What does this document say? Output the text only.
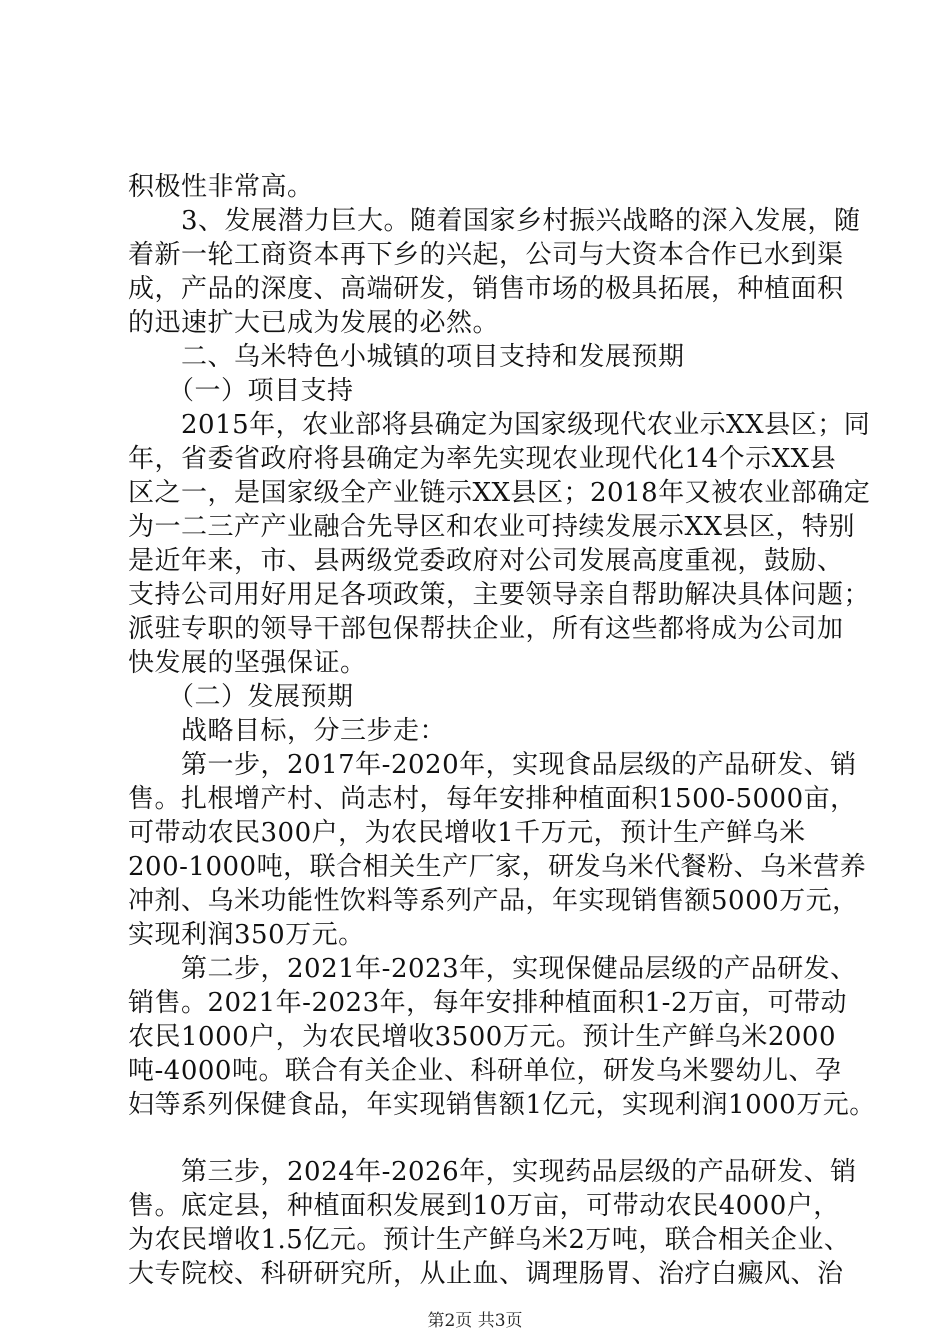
积极性非常高。
　　3、发展潜力巨大。随着国家乡村振兴战略的深入发展，随
着新一轮工商资本再下乡的兴起，公司与大资本合作已水到渠
成，产品的深度、高端研发，销售市场的极具拓展，种植面积
的迅速扩大已成为发展的必然。
　　二、乌米特色小城镇的项目支持和发展预期
　　（一）项目支持
　　2015年，农业部将县确定为国家级现代农业示XX县区；同
年，省委省政府将县确定为率先实现农业现代化14个示XX县
区之一，是国家级全产业链示XX县区；2018年又被农业部确定
为一二三产产业融合先导区和农业可持续发展示XX县区，特别
是近年来，市、县两级党委政府对公司发展高度重视，鼓励、
支持公司用好用足各项政策，主要领导亲自帮助解决具体问题；
派驻专职的领导干部包保帮扶企业，所有这些都将成为公司加
快发展的坚强保证。
　　（二）发展预期
　　战略目标，分三步走：
　　第一步，2017年-2020年，实现食品层级的产品研发、销
售。扎根增产村、尚志村，每年安排种植面积1500-5000亩，
可带动农民300户，为农民增收1千万元，预计生产鲜乌米
200-1000吨，联合相关生产厂家，研发乌米代餐粉、乌米营养
冲剂、乌米功能性饮料等系列产品，年实现销售额5000万元，
实现利润350万元。
　　第二步，2021年-2023年，实现保健品层级的产品研发、
销售。2021年-2023年，每年安排种植面积1-2万亩，可带动
农民1000户，为农民增收3500万元。预计生产鲜乌米2000
吨-4000吨。联合有关企业、科研单位，研发乌米婴幼儿、孕
妇等系列保健食品，年实现销售额1亿元，实现利润1000万元。
　　第三步，2024年-2026年，实现药品层级的产品研发、销
售。底定县，种植面积发展到10万亩，可带动农民4000户，
为农民增收1.5亿元。预计生产鲜乌米2万吨，联合相关企业、
大专院校、科研研究所，从止血、调理肠胃、治疗白癜风、治
第2页 共3页
